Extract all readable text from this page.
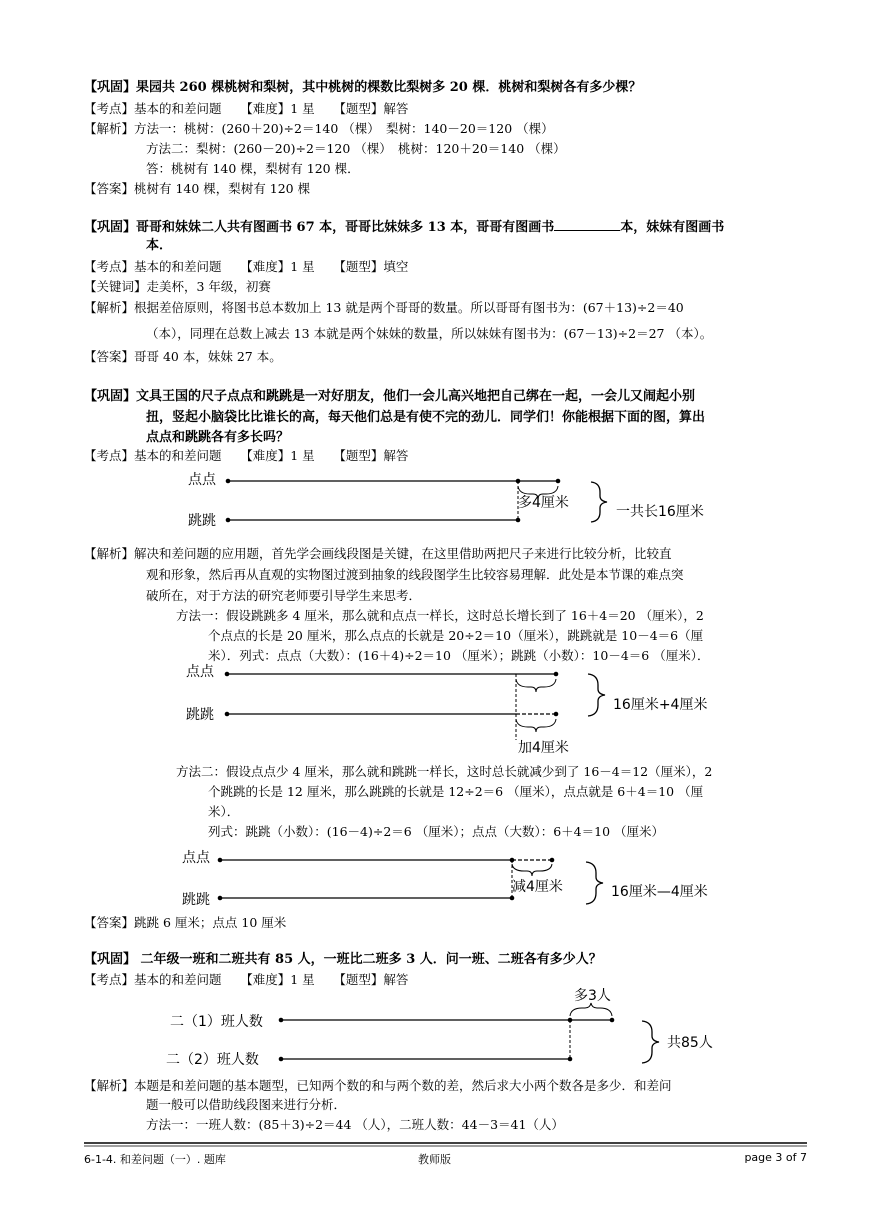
【巩固】果园共 260 棵桃树和梨树，其中桃树的棵数比梨树多 20 棵．桃树和梨树各有多少棵？
【考点】基本的和差问题　　【难度】1 星　　【题型】解答
【解析】方法一：桃树：(260＋20)÷2＝140 （棵）　梨树：140－20＝120 （棵）
方法二：梨树：(260－20)÷2＝120 （棵）　桃树：120＋20＝140 （棵）
答：桃树有 140 棵，梨树有 120 棵．
【答案】桃树有 140 棵，梨树有 120 棵
【巩固】哥哥和妹妹二人共有图画书 67 本，哥哥比妹妹多 13 本，哥哥有图画书	本，妹妹有图画书
本．
【考点】基本的和差问题　　【难度】1 星　　【题型】填空
【关键词】走美杯，3 年级，初赛
【解析】根据差倍原则，将图书总本数加上 13 就是两个哥哥的数量。所以哥哥有图书为：(67＋13)÷2＝40
（本），同理在总数上减去 13 本就是两个妹妹的数量，所以妹妹有图书为：(67－13)÷2＝27 （本）。
【答案】哥哥 40 本，妹妹 27 本。
【巩固】文具王国的尺子点点和跳跳是一对好朋友，他们一会儿高兴地把自己绑在一起，一会儿又闹起小别
扭，竖起小脑袋比比谁长的高，每天他们总是有使不完的劲儿．同学们！你能根据下面的图，算出
点点和跳跳各有多长吗？
【考点】基本的和差问题　　【难度】1 星　　【题型】解答
【解析】解决和差问题的应用题，首先学会画线段图是关键，在这里借助两把尺子来进行比较分析，比较直
观和形象，然后再从直观的实物图过渡到抽象的线段图学生比较容易理解．此处是本节课的难点突
破所在，对于方法的研究老师要引导学生来思考．
方法一：假设跳跳多 4 厘米，那么就和点点一样长，这时总长增长到了 16＋4＝20 （厘米），2
个点点的长是 20 厘米，那么点点的长就是 20÷2＝10（厘米），跳跳就是 10－4＝6（厘
米）．列式：点点（大数）：(16＋4)÷2＝10 （厘米）；跳跳（小数）：10－4＝6 （厘米）．
方法二：假设点点少 4 厘米，那么就和跳跳一样长，这时总长就减少到了 16－4＝12（厘米），2
个跳跳的长是 12 厘米，那么跳跳的长就是 12÷2＝6 （厘米），点点就是 6＋4＝10 （厘
米）．
列式：跳跳（小数）：(16－4)÷2＝6 （厘米）；点点（大数）：6＋4＝10 （厘米）
【答案】跳跳 6 厘米；点点 10 厘米
【巩固】 二年级一班和二班共有 85 人，一班比二班多 3 人．问一班、二班各有多少人？
【考点】基本的和差问题　　【难度】1 星　　【题型】解答
【解析】本题是和差问题的基本题型，已知两个数的和与两个数的差，然后求大小两个数各是多少．和差问
题一般可以借助线段图来进行分析．
方法一：一班人数：(85＋3)÷2＝44 （人），二班人数：44－3＝41（人）
点点
跳跳
多4厘米
一共长16厘米
点点
跳跳
加4厘米
16厘米+4厘米
点点
跳跳
减4厘米	16厘米—4厘米
二（1）班人数
二（2）班人数
多3人
共85人
6-1-4. 和差问题（一）. 题库	教师版	page 3 of 7
